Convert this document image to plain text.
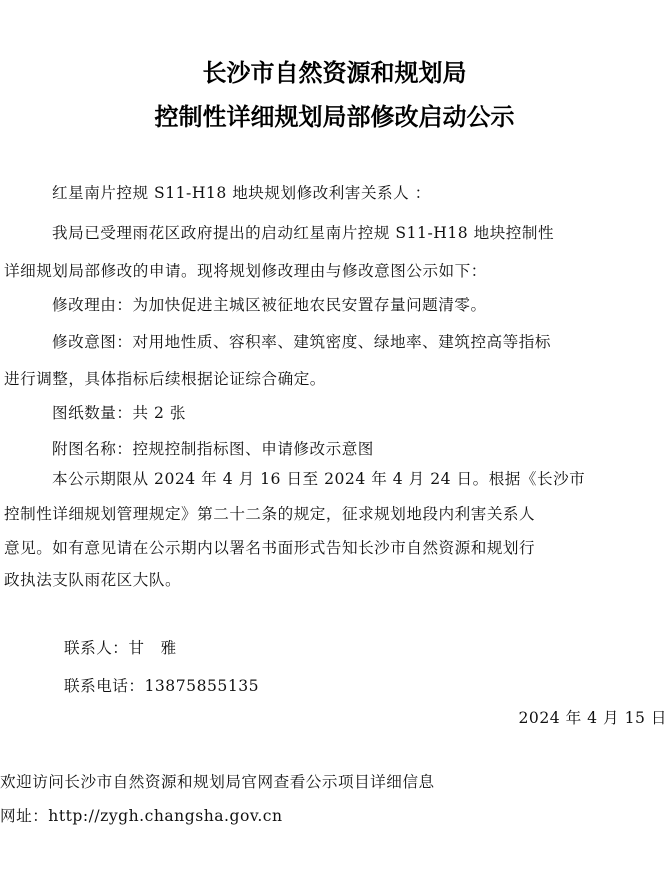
长沙市自然资源和规划局
控制性详细规划局部修改启动公示
红星南片控规 S11-H18 地块规划修改利害关系人 ：
我局已受理雨花区政府提出的启动红星南片控规 S11-H18 地块控制性
详细规划局部修改的申请。现将规划修改理由与修改意图公示如下：
修改理由：为加快促进主城区被征地农民安置存量问题清零。
修改意图：对用地性质、容积率、建筑密度、绿地率、建筑控高等指标
进行调整，具体指标后续根据论证综合确定。
图纸数量：共 2 张
附图名称：控规控制指标图、申请修改示意图
本公示期限从 2024 年 4 月 16 日至 2024 年 4 月 24 日。根据《长沙市
控制性详细规划管理规定》第二十二条的规定，征求规划地段内利害关系人
意见。如有意见请在公示期内以署名书面形式告知长沙市自然资源和规划行
政执法支队雨花区大队。
联系人：甘　雅
联系电话：13875855135
2024 年 4 月 15 日
欢迎访问长沙市自然资源和规划局官网查看公示项目详细信息
网址：http://zygh.changsha.gov.cn
